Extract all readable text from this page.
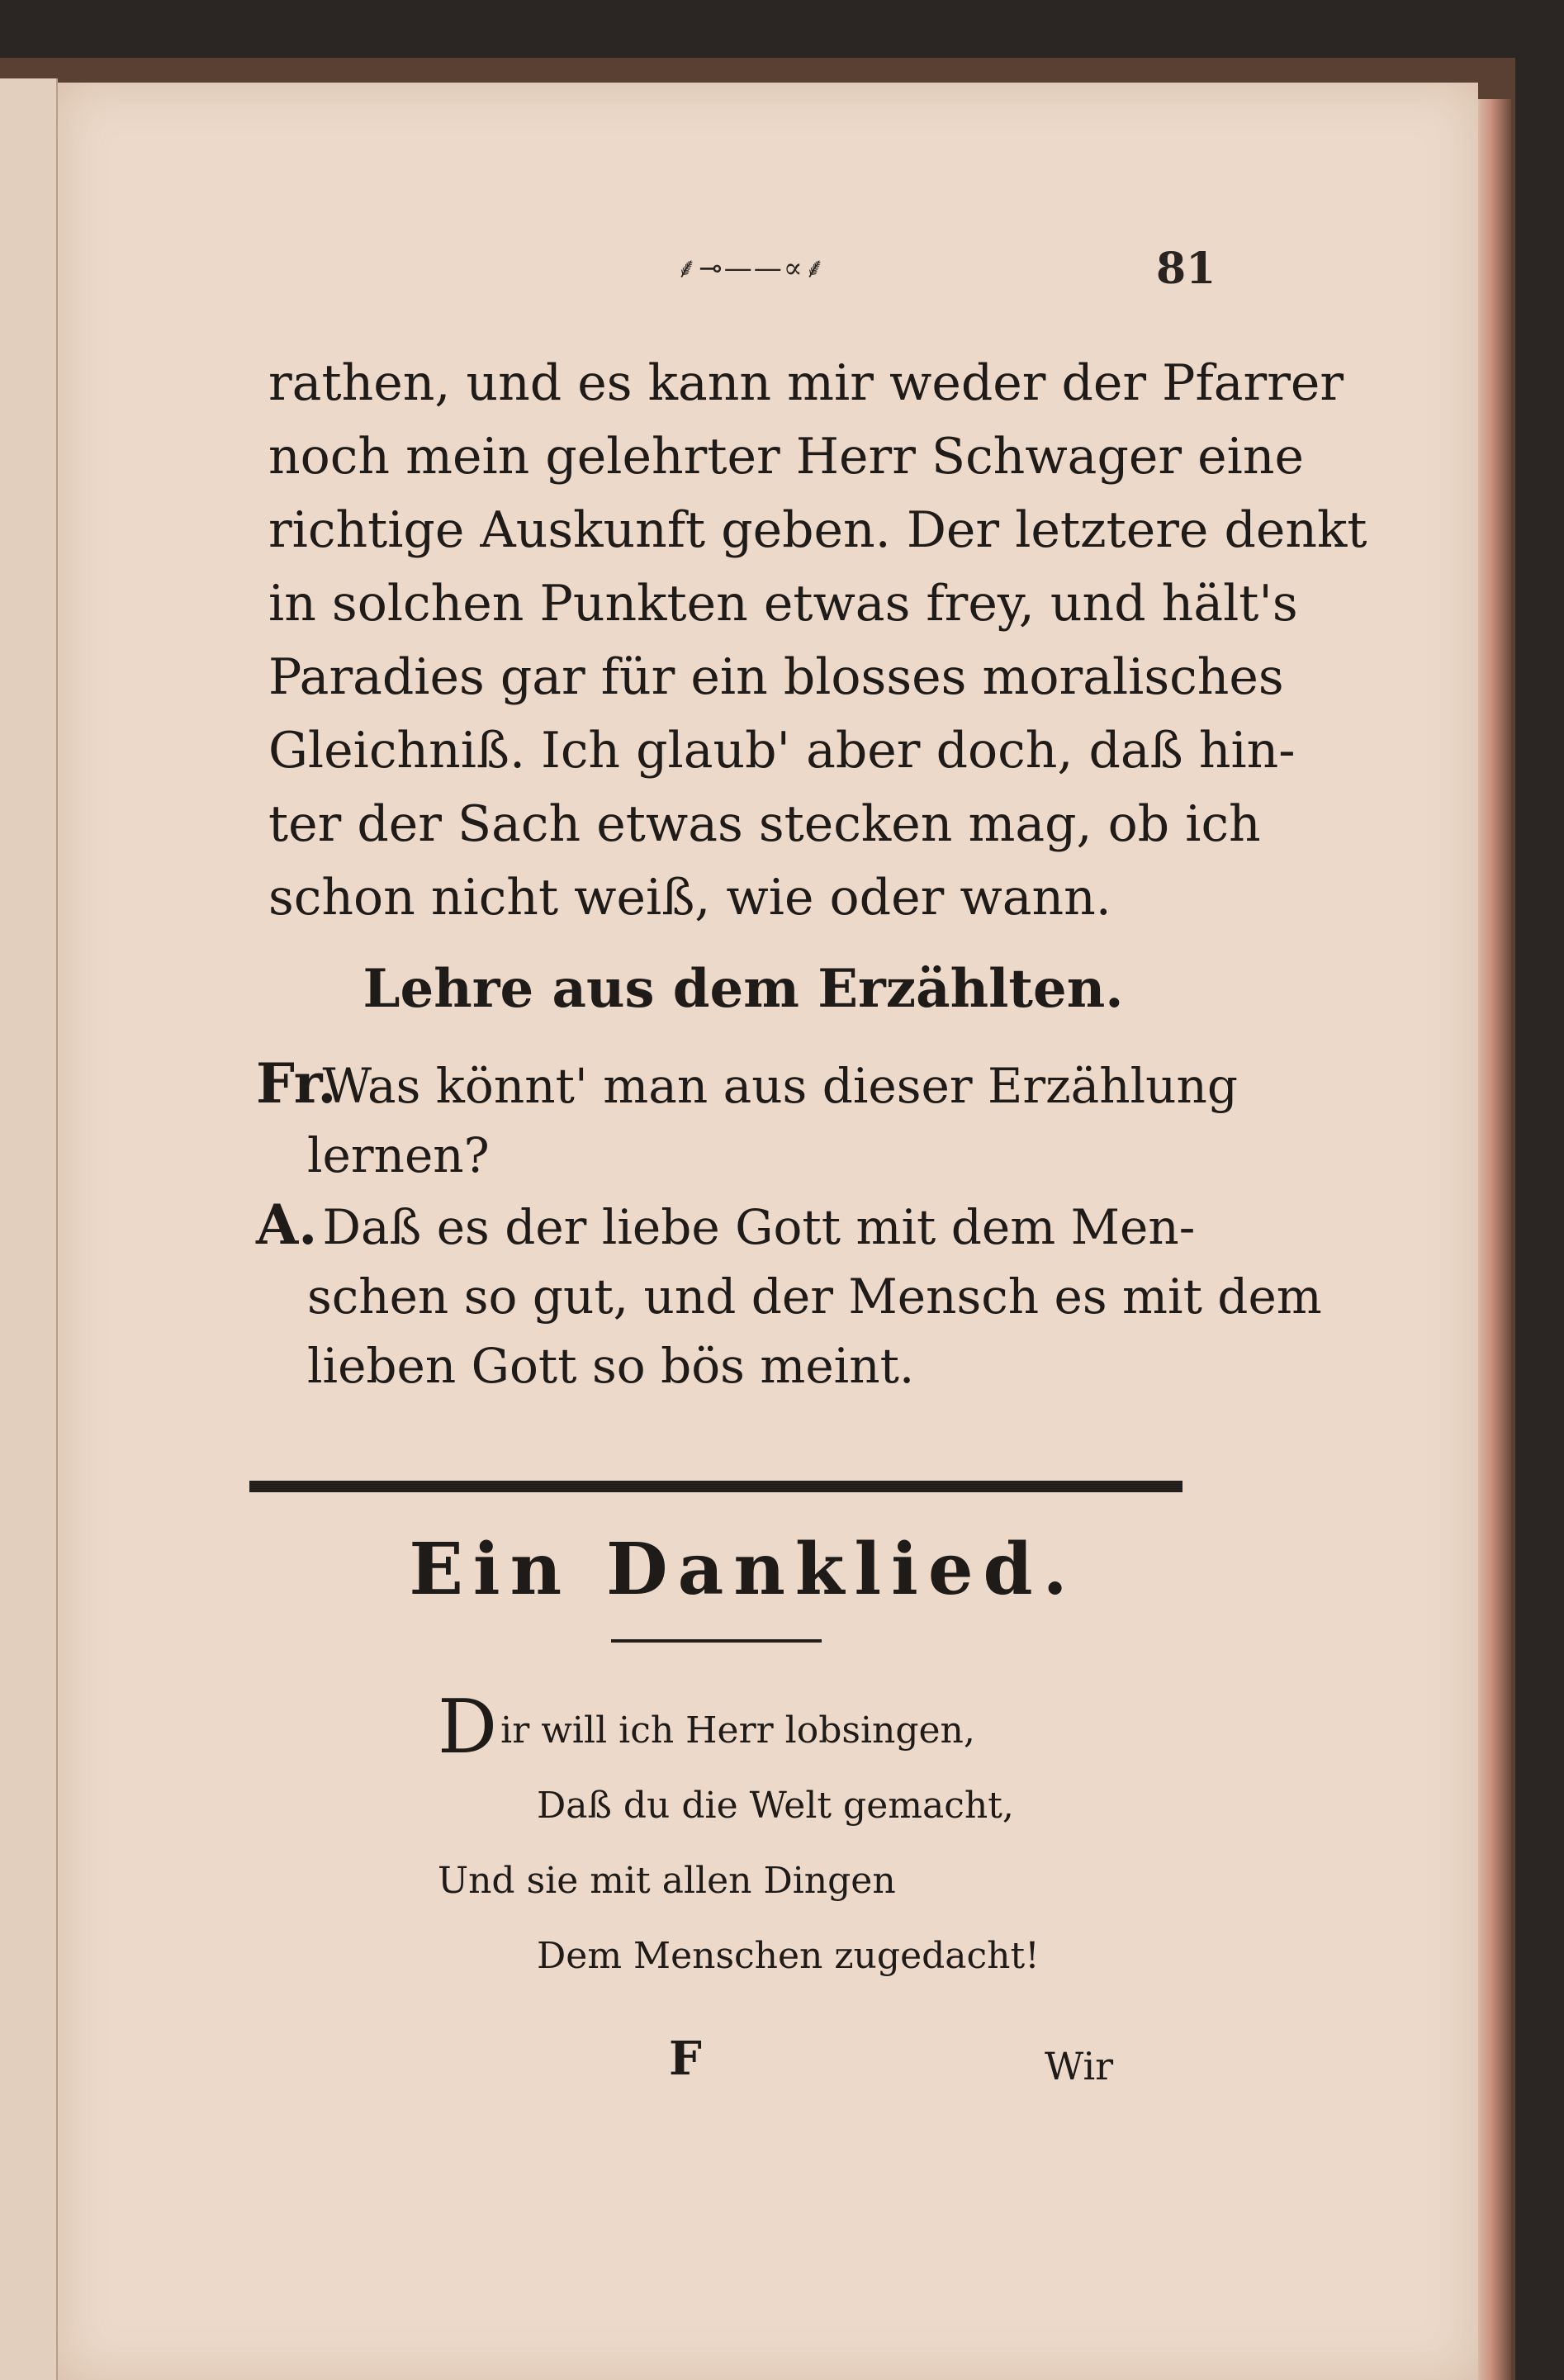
⸙⊸——∝⸙	81
rathen, und es kann mir weder der Pfarrer
noch mein gelehrter Herr Schwager eine
richtige Auskunft geben. Der letztere denkt
in solchen Punkten etwas frey, und hält's
Paradies gar für ein blosses moralisches
Gleichniß. Ich glaub' aber doch, daß hin-
ter der Sach etwas stecken mag, ob ich
schon nicht weiß, wie oder wann.
Lehre aus dem Erzählten.
Fr. Was könnt' man aus dieser Erzählung
lernen?
A. Daß es der liebe Gott mit dem Men-
schen so gut, und der Mensch es mit dem
lieben Gott so bös meint.
Ein Danklied.
Dir will ich Herr lobsingen,
Daß du die Welt gemacht,
Und sie mit allen Dingen
Dem Menschen zugedacht!
F	Wir
